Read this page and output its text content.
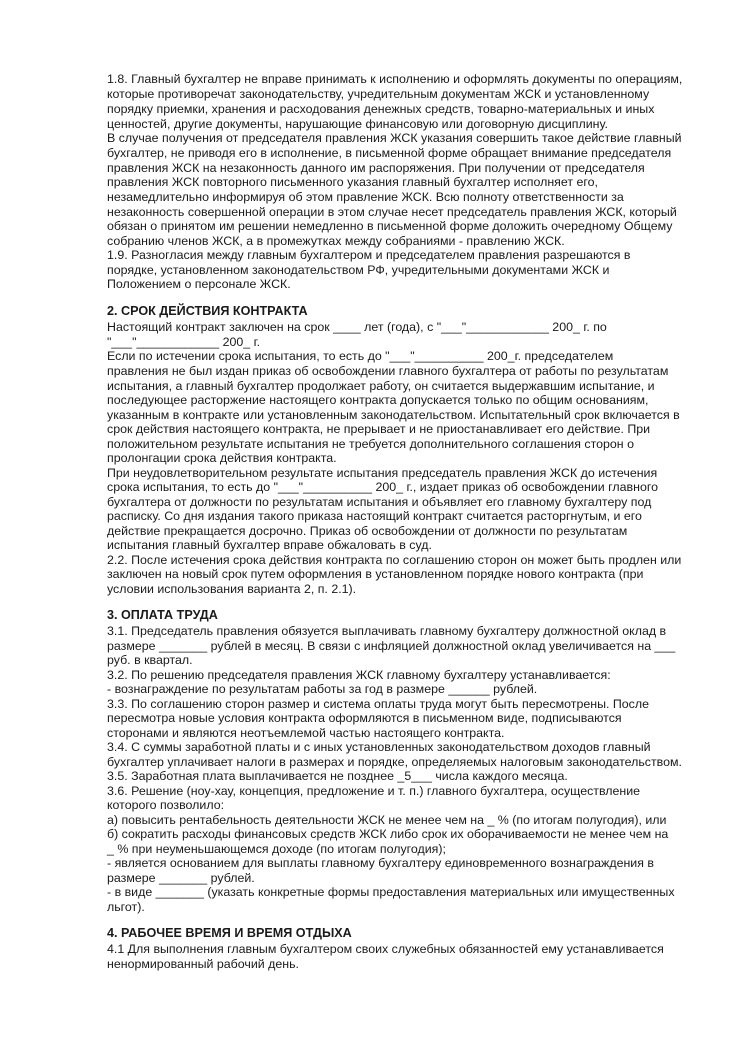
1.8. Главный бухгалтер не вправе принимать к исполнению и оформлять документы по операциям,
которые противоречат законодательству, учредительным документам ЖСК и установленному
порядку приемки, хранения и расходования денежных средств, товарно-материальных и иных
ценностей, другие документы, нарушающие финансовую или договорную дисциплину.
В случае получения от председателя правления ЖСК указания совершить такое действие главный
бухгалтер, не приводя его в исполнение, в письменной форме обращает внимание председателя
правления ЖСК на незаконность данного им распоряжения. При получении от председателя
правления ЖСК повторного письменного указания главный бухгалтер исполняет его,
незамедлительно информируя об этом правление ЖСК. Всю полноту ответственности за
незаконность совершенной операции в этом случае несет председатель правления ЖСК, который
обязан о принятом им решении немедленно в письменной форме доложить очередному Общему
собранию членов ЖСК, а в промежутках между собраниями - правлению ЖСК.
1.9. Разногласия между главным бухгалтером и председателем правления разрешаются в
порядке, установленном законодательством РФ, учредительными документами ЖСК и
Положением о персонале ЖСК.
2. СРОК ДЕЙСТВИЯ КОНТРАКТА
Настоящий контракт заключен на срок ____ лет (года), с "___"____________ 200_ г. по
"___"____________ 200_ г.
Если по истечении срока испытания, то есть до "___"__________ 200_г. председателем
правления не был издан приказ об освобождении главного бухгалтера от работы по результатам
испытания, а главный бухгалтер продолжает работу, он считается выдержавшим испытание, и
последующее расторжение настоящего контракта допускается только по общим основаниям,
указанным в контракте или установленным законодательством. Испытательный срок включается в
срок действия настоящего контракта, не прерывает и не приостанавливает его действие. При
положительном результате испытания не требуется дополнительного соглашения сторон о
пролонгации срока действия контракта.
При неудовлетворительном результате испытания председатель правления ЖСК до истечения
срока испытания, то есть до "___"__________ 200_ г., издает приказ об освобождении главного
бухгалтера от должности по результатам испытания и объявляет его главному бухгалтеру под
расписку. Со дня издания такого приказа настоящий контракт считается расторгнутым, и его
действие прекращается досрочно. Приказ об освобождении от должности по результатам
испытания главный бухгалтер вправе обжаловать в суд.
2.2. После истечения срока действия контракта по соглашению сторон он может быть продлен или
заключен на новый срок путем оформления в установленном порядке нового контракта (при
условии использования варианта 2, п. 2.1).
3. ОПЛАТА ТРУДА
3.1. Председатель правления обязуется выплачивать главному бухгалтеру должностной оклад в
размере _______ рублей в месяц. В связи с инфляцией должностной оклад увеличивается на ___
руб. в квартал.
3.2. По решению председателя правления ЖСК главному бухгалтеру устанавливается:
- вознаграждение по результатам работы за год в размере ______ рублей.
3.3. По соглашению сторон размер и система оплаты труда могут быть пересмотрены. После
пересмотра новые условия контракта оформляются в письменном виде, подписываются
сторонами и являются неотъемлемой частью настоящего контракта.
3.4. С суммы заработной платы и с иных установленных законодательством доходов главный
бухгалтер уплачивает налоги в размерах и порядке, определяемых налоговым законодательством.
3.5. Заработная плата выплачивается не позднее _5___ числа каждого месяца.
3.6. Решение (ноу-хау, концепция, предложение и т. п.) главного бухгалтера, осуществление
которого позволило:
а) повысить рентабельность деятельности ЖСК не менее чем на _ % (по итогам полугодия), или
б) сократить расходы финансовых средств ЖСК либо срок их оборачиваемости не менее чем на
_ % при неуменьшающемся доходе (по итогам полугодия);
- является основанием для выплаты главному бухгалтеру единовременного вознаграждения в
размере _______ рублей.
- в виде _______ (указать конкретные формы предоставления материальных или имущественных
льгот).
4. РАБОЧЕЕ ВРЕМЯ И ВРЕМЯ ОТДЫХА
4.1 Для выполнения главным бухгалтером своих служебных обязанностей ему устанавливается
ненормированный рабочий день.
